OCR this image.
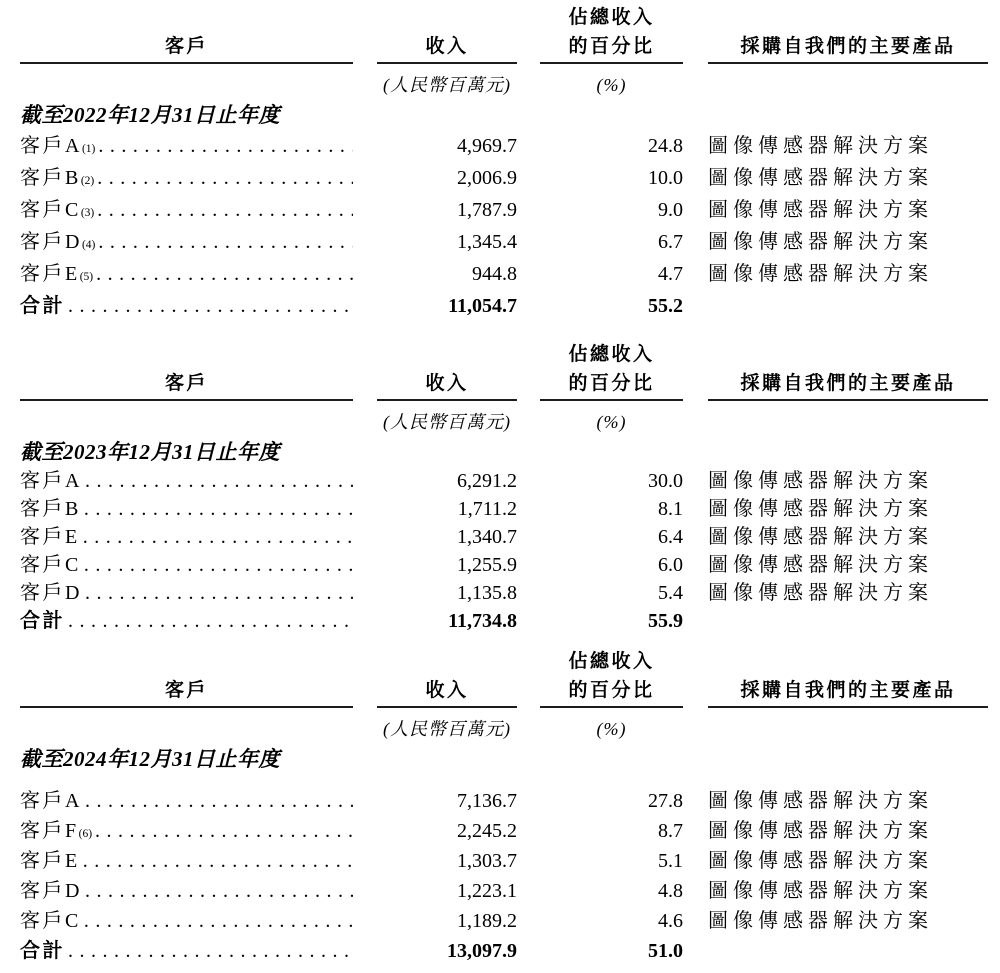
佔總收入
客戶	收入	的百分比	採購自我們的主要產品
(人民幣百萬元)	(%)
截至2022年12月31日止年度
客戶A (1) .....	4,969.7	24.8 圖像傳感器解決方案
客戶B (2) .....	2,006.9	10.0 圖像傳感器解決方案
客戶C (3) .....	1,787.9	9.0 圖像傳感器解決方案
客戶D (4) .....	1,345.4	6.7 圖像傳感器解決方案
客戶E (5) .....	944.8	4.7 圖像傳感器解決方案
合計 .....	11,054.7	55.2
佔總收入
客戶	收入	的百分比	採購自我們的主要產品
(人民幣百萬元)	(%)
截至2023年12月31日止年度
客戶A .....	6,291.2	30.0 圖像傳感器解決方案
客戶B .....	1,711.2	8.1 圖像傳感器解決方案
客戶E .....	1,340.7	6.4 圖像傳感器解決方案
客戶C .....	1,255.9	6.0 圖像傳感器解決方案
客戶D .....	1,135.8	5.4 圖像傳感器解決方案
合計 .....	11,734.8	55.9
佔總收入
客戶	收入	的百分比	採購自我們的主要產品
(人民幣百萬元)	(%)
截至2024年12月31日止年度
客戶A .....	7,136.7	27.8 圖像傳感器解決方案
客戶F (6) .....	2,245.2	8.7 圖像傳感器解決方案
客戶E .....	1,303.7	5.1 圖像傳感器解決方案
客戶D .....	1,223.1	4.8 圖像傳感器解決方案
客戶C .....	1,189.2	4.6 圖像傳感器解決方案
合計 .....	13,097.9	51.0
